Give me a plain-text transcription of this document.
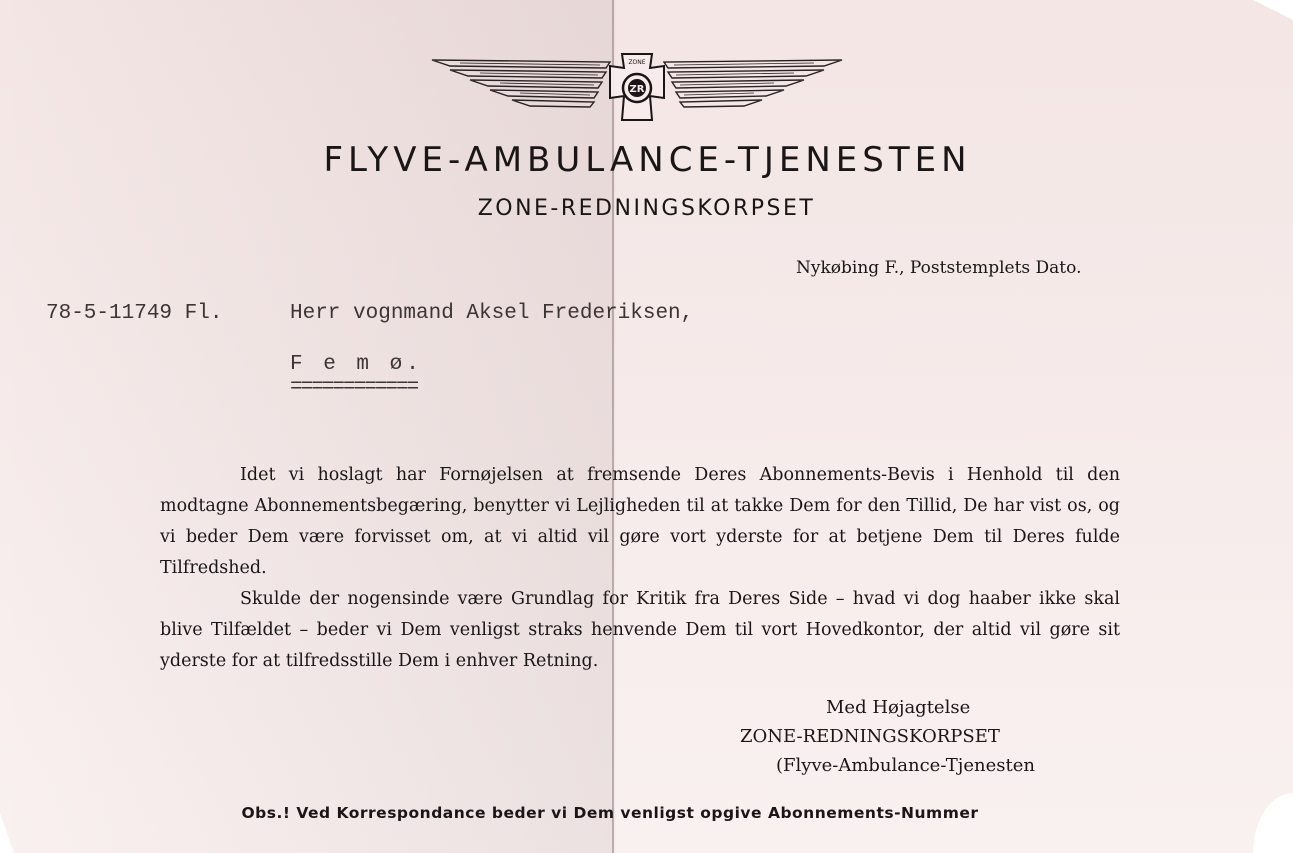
ZR
ZONE
FLYVE-AMBULANCE-TJENESTEN
ZONE-REDNINGSKORPSET
Nykøbing F., Poststemplets Dato.
78-5-11749 Fl.	Herr vognmand Aksel Frederiksen,
F e m ø.
============

Idet vi hoslagt har Fornøjelsen at fremsende Deres Abonnements-Bevis i Henhold til den modtagne Abonnementsbegæring, benytter vi Lejligheden til at takke Dem for den Tillid, De har vist os, og vi beder Dem være forvisset om, at vi altid vil gøre vort yderste for at betjene Dem til Deres fulde Tilfredshed.

Skulde der nogensinde være Grundlag for Kritik fra Deres Side – hvad vi dog haaber ikke skal blive Tilfældet – beder vi Dem venligst straks henvende Dem til vort Hovedkontor, der altid vil gøre sit yderste for at tilfredsstille Dem i enhver Retning.

Med Højagtelse
ZONE-REDNINGSKORPSET
(Flyve-Ambulance-Tjenesten
Obs.! Ved Korrespondance beder vi Dem venligst opgive Abonnements-Nummer
